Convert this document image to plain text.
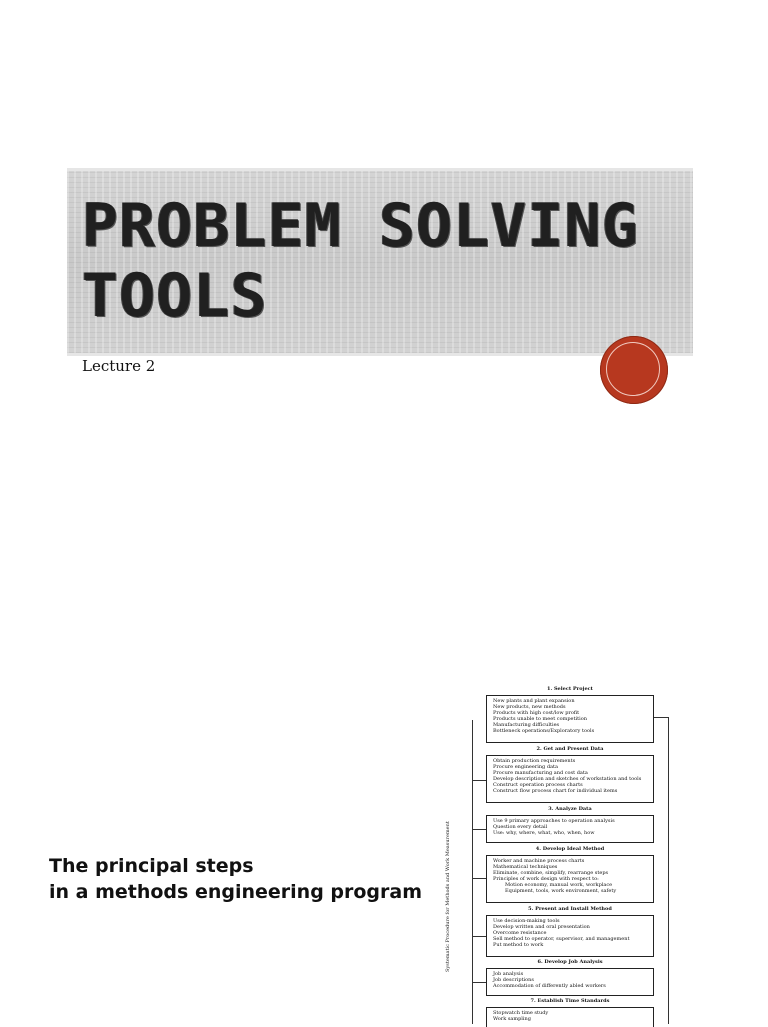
PROBLEM SOLVING
TOOLS

Lecture 2

The principal steps
in a methods engineering program	Systematic Procedure for Methods and Work Measurement
1. Select Project
New plants and plant expansion
New products, new methods
Products with high cost/low profit
Products unable to meet competition
Manufacturing difficulties
Bottleneck operations/Exploratory tools
2. Get and Present Data
Obtain production requirements
Procure engineering data
Procure manufacturing and cost data
Develop description and sketches of workstation and tools
Construct operation process charts
Construct flow process chart for individual items
3. Analyze Data
Use 9 primary approaches to operation analysis
Question every detail
Use: why, where, what, who, when, how
4. Develop Ideal Method
Worker and machine process charts
Mathematical techniques
Eliminate, combine, simplify, rearrange steps
Principles of work design with respect to:
Motion economy, manual work, workplace
Equipment, tools, work environment, safety
5. Present and Install Method
Use decision-making tools
Develop written and oral presentation
Overcome resistance
Sell method to operator, supervisor, and management
Put method to work
6. Develop Job Analysis
Job analysis
Job descriptions
Accommodation of differently abled workers
7. Establish Time Standards
Stopwatch time study
Work sampling
